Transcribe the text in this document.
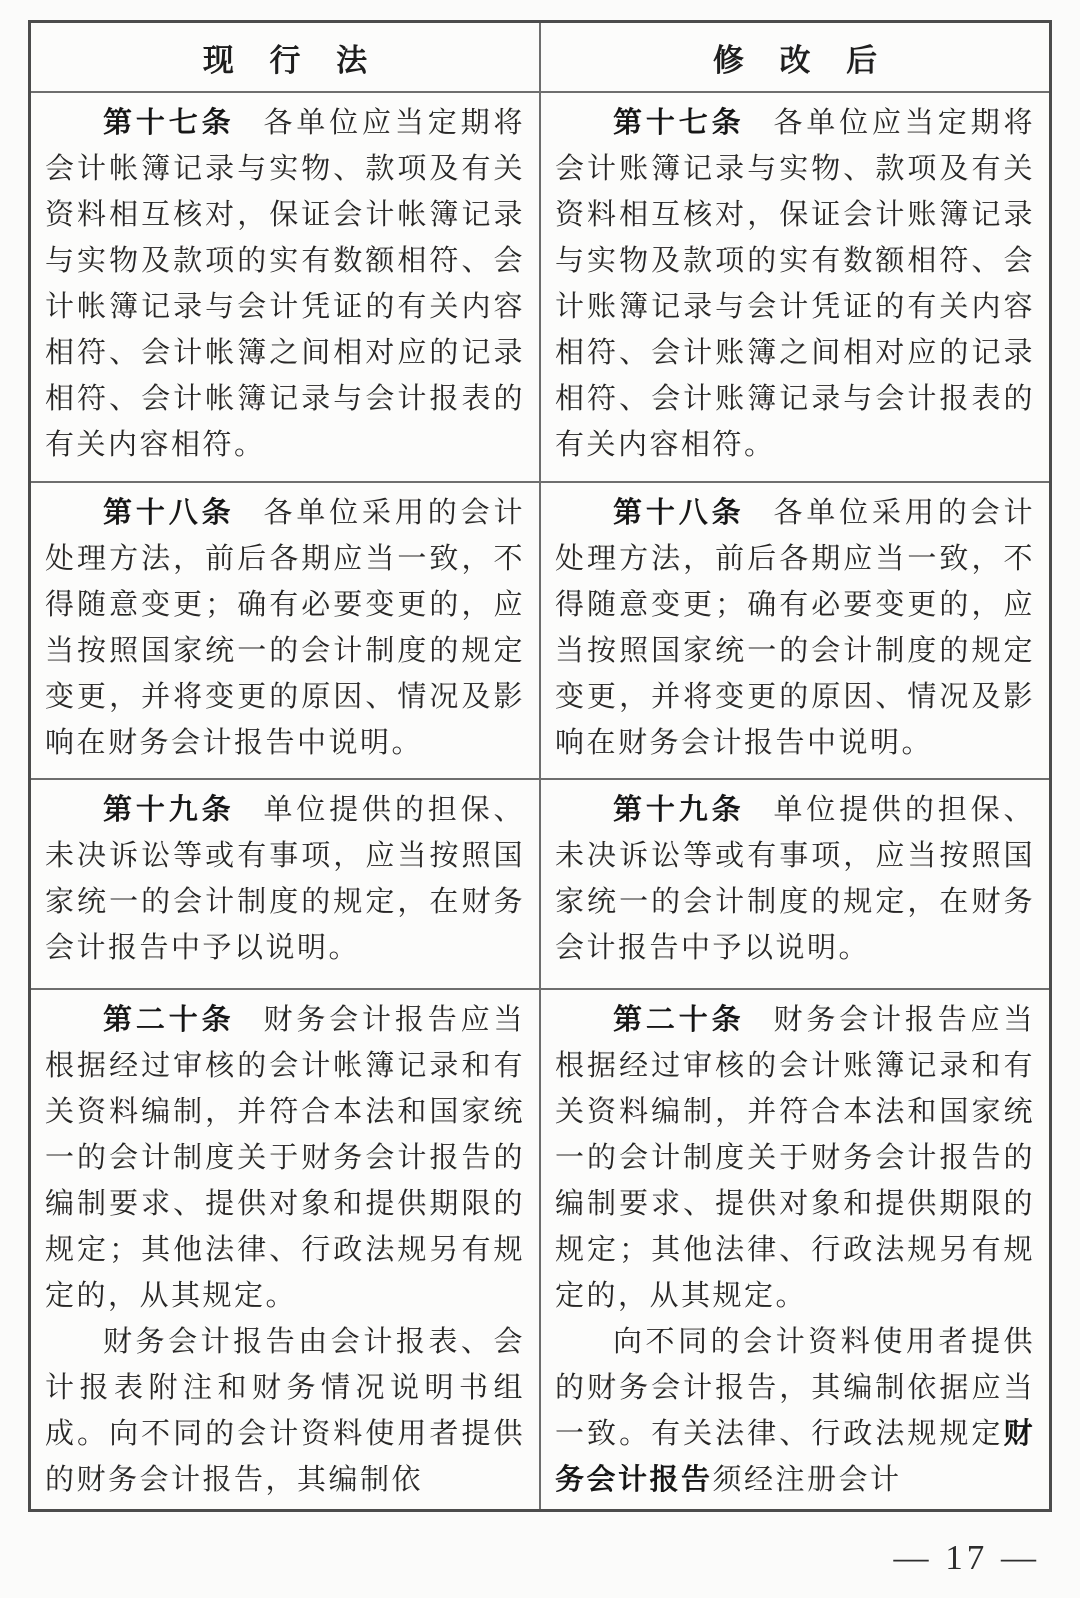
现行法	修改后

第十七条 各单位应当定期将会计帐簿记录与实物、款项及有关资料相互核对，保证会计帐簿记录与实物及款项的实有数额相符、会计帐簿记录与会计凭证的有关内容相符、会计帐簿之间相对应的记录相符、会计帐簿记录与会计报表的有关内容相符。

第十七条 各单位应当定期将会计账簿记录与实物、款项及有关资料相互核对，保证会计账簿记录与实物及款项的实有数额相符、会计账簿记录与会计凭证的有关内容相符、会计账簿之间相对应的记录相符、会计账簿记录与会计报表的有关内容相符。

第十八条 各单位采用的会计处理方法，前后各期应当一致，不得随意变更；确有必要变更的，应当按照国家统一的会计制度的规定变更，并将变更的原因、情况及影响在财务会计报告中说明。

第十八条 各单位采用的会计处理方法，前后各期应当一致，不得随意变更；确有必要变更的，应当按照国家统一的会计制度的规定变更，并将变更的原因、情况及影响在财务会计报告中说明。

第十九条 单位提供的担保、未决诉讼等或有事项，应当按照国家统一的会计制度的规定，在财务会计报告中予以说明。

第十九条 单位提供的担保、未决诉讼等或有事项，应当按照国家统一的会计制度的规定，在财务会计报告中予以说明。

第二十条 财务会计报告应当根据经过审核的会计帐簿记录和有关资料编制，并符合本法和国家统一的会计制度关于财务会计报告的编制要求、提供对象和提供期限的规定；其他法律、行政法规另有规定的，从其规定。

财务会计报告由会计报表、会计报表附注和财务情况说明书组成。向不同的会计资料使用者提供的财务会计报告，其编制依

第二十条 财务会计报告应当根据经过审核的会计账簿记录和有关资料编制，并符合本法和国家统一的会计制度关于财务会计报告的编制要求、提供对象和提供期限的规定；其他法律、行政法规另有规定的，从其规定。

向不同的会计资料使用者提供的财务会计报告，其编制依据应当一致。有关法律、行政法规规定财务会计报告须经注册会计

— 17 —
